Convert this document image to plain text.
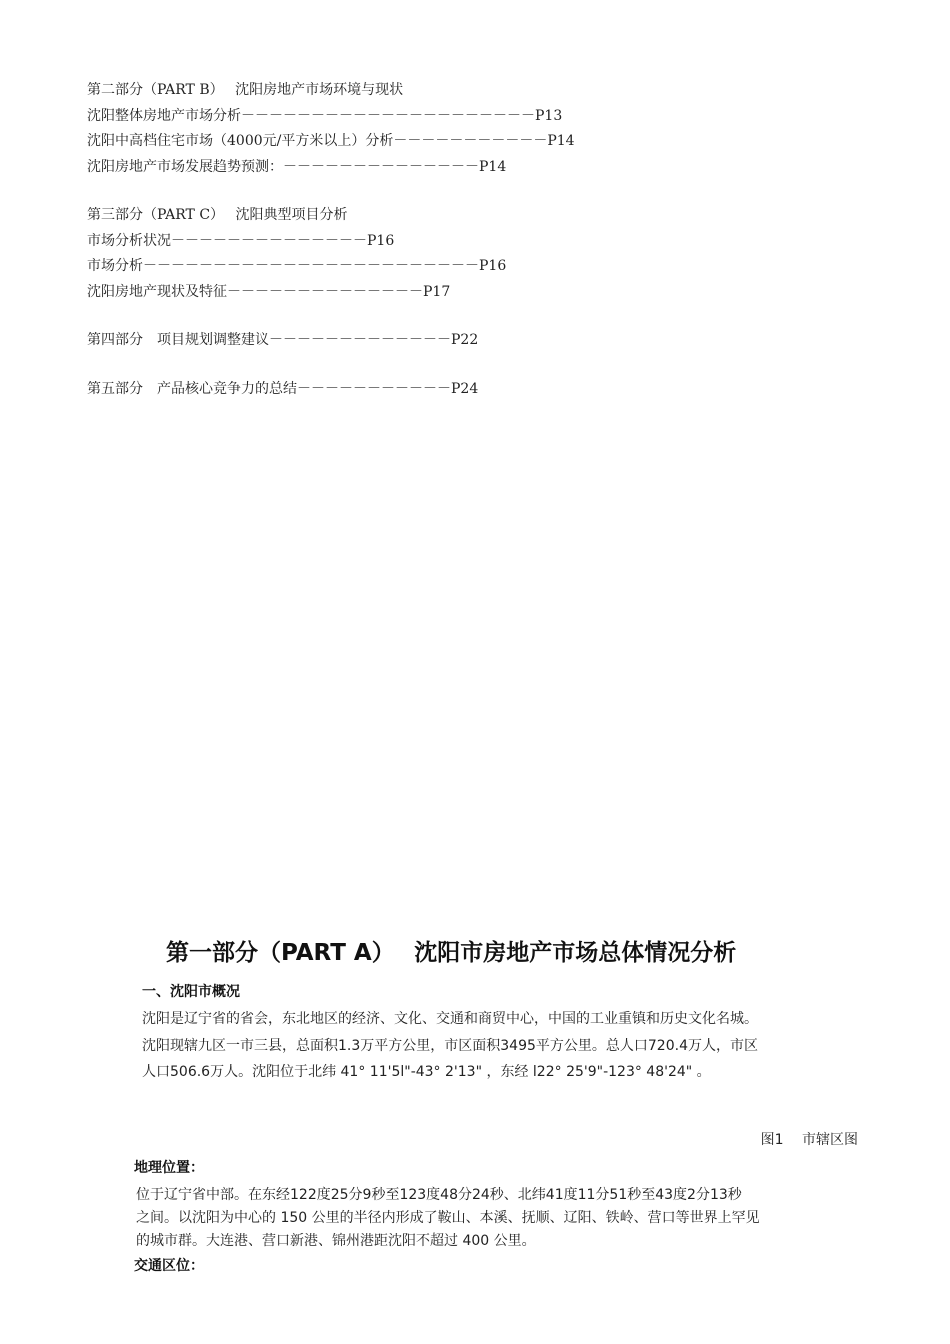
第二部分（PART B）　 沈阳房地产市场环境与现状

沈阳整体房地产市场分析－－－－－－－－－－－－－－－－－－－－－P13

沈阳中高档住宅市场（4000元/平方米以上）分析－－－－－－－－－－－P14

沈阳房地产市场发展趋势预测：－－－－－－－－－－－－－－P14

第三部分（PART C）　 沈阳典型项目分析

市场分析状况－－－－－－－－－－－－－－P16

市场分析－－－－－－－－－－－－－－－－－－－－－－－－P16

沈阳房地产现状及特征－－－－－－－－－－－－－－P17

第四部分　项目规划调整建议－－－－－－－－－－－－－P22

第五部分　产品核心竞争力的总结－－－－－－－－－－－P24

第一部分（PART A）　 沈阳市房地产市场总体情况分析
一、沈阳市概况

沈阳是辽宁省的省会，东北地区的经济、文化、交通和商贸中心，中国的工业重镇和历史文化名城。

沈阳现辖九区一市三县，总面积1.3万平方公里，市区面积3495平方公里。总人口720.4万人，市区

人口506.6万人。沈阳位于北纬 41° 11'5l"-43° 2'13" ，东经 l22° 25'9"-123° 48'24" 。

图1　 市辖区图
地理位置：

位于辽宁省中部。在东经122度25分9秒至123度48分24秒、北纬41度11分51秒至43度2分13秒

之间。以沈阳为中心的 150 公里的半径内形成了鞍山、本溪、抚顺、辽阳、铁岭、营口等世界上罕见

的城市群。大连港、营口新港、锦州港距沈阳不超过 400 公里。

交通区位：
